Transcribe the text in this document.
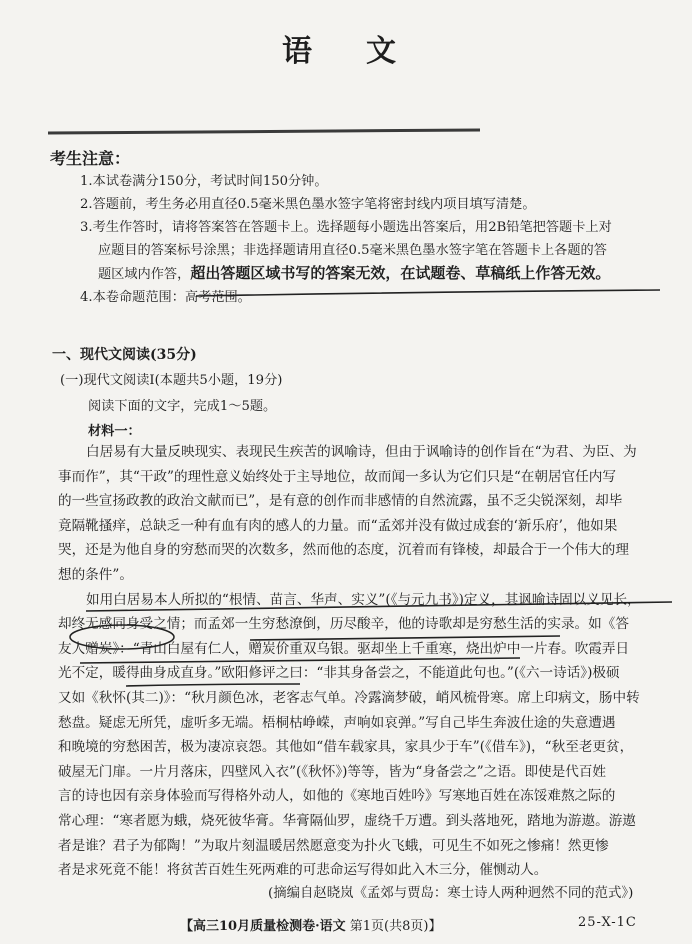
语文
考生注意：
1.本试卷满分150分，考试时间150分钟。
2.答题前，考生务必用直径0.5毫米黑色墨水签字笔将密封线内项目填写清楚。
3.考生作答时，请将答案答在答题卡上。选择题每小题选出答案后，用2B铅笔把答题卡上对
应题目的答案标号涂黑；非选择题请用直径0.5毫米黑色墨水签字笔在答题卡上各题的答
题区域内作答，超出答题区域书写的答案无效，在试题卷、草稿纸上作答无效。
4.本卷命题范围：高考范围。
一、现代文阅读(35分)
(一)现代文阅读Ⅰ(本题共5小题，19分)
阅读下面的文字，完成1～5题。
材料一：
白居易有大量反映现实、表现民生疾苦的讽喻诗，但由于讽喻诗的创作旨在“为君、为臣、为
事而作”，其“干政”的理性意义始终处于主导地位，故而闻一多认为它们只是“在朝居官任内写
的一些宣扬政教的政治文献而已”，是有意的创作而非感情的自然流露，虽不乏尖锐深刻，却毕
竟隔靴搔痒，总缺乏一种有血有肉的感人的力量。而“孟郊并没有做过成套的‘新乐府’，他如果
哭，还是为他自身的穷愁而哭的次数多，然而他的态度，沉着而有锋棱，却最合于一个伟大的理
想的条件”。
如用白居易本人所拟的“根情、苗言、华声、实义”(《与元九书》)定义，其讽喻诗固以义见长，
却终无感同身受之情；而孟郊一生穷愁潦倒，历尽酸辛，他的诗歌却是穷愁生活的实录。如《答
友人赠炭》：“青山白屋有仁人，赠炭价重双乌银。驱却坐上千重寒，烧出炉中一片春。吹霞弄日
光不定，暖得曲身成直身。”欧阳修评之曰：“非其身备尝之，不能道此句也。”(《六一诗话》)极硕
又如《秋怀(其二)》：“秋月颜色冰，老客志气单。冷露滴梦破，峭风梳骨寒。席上印病文，肠中转
愁盘。疑虑无所凭，虚听多无端。梧桐枯峥嵘，声响如哀弹。”写自己毕生奔波仕途的失意遭遇
和晚境的穷愁困苦，极为凄凉哀怨。其他如“借车载家具，家具少于车”(《借车》)，“秋至老更贫，
破屋无门扉。一片月落床，四壁风入衣”(《秋怀》)等等，皆为“身备尝之”之语。即使是代百姓
言的诗也因有亲身体验而写得格外动人，如他的《寒地百姓吟》写寒地百姓在冻馁难熬之际的
常心理：“寒者愿为蛾，烧死彼华膏。华膏隔仙罗，虚绕千万遭。到头落地死，踏地为游遨。游遨
者是谁？君子为郁陶！”为取片刻温暖居然愿意变为扑火飞蛾，可见生不如死之惨痛！然更惨
者是求死竟不能！将贫苦百姓生死两难的可悲命运写得如此入木三分，催恻动人。
(摘编自赵晓岚《孟郊与贾岛：寒士诗人两种迥然不同的范式》)
【高三10月质量检测卷·语文 第1页(共8页)】	25-X-1C
